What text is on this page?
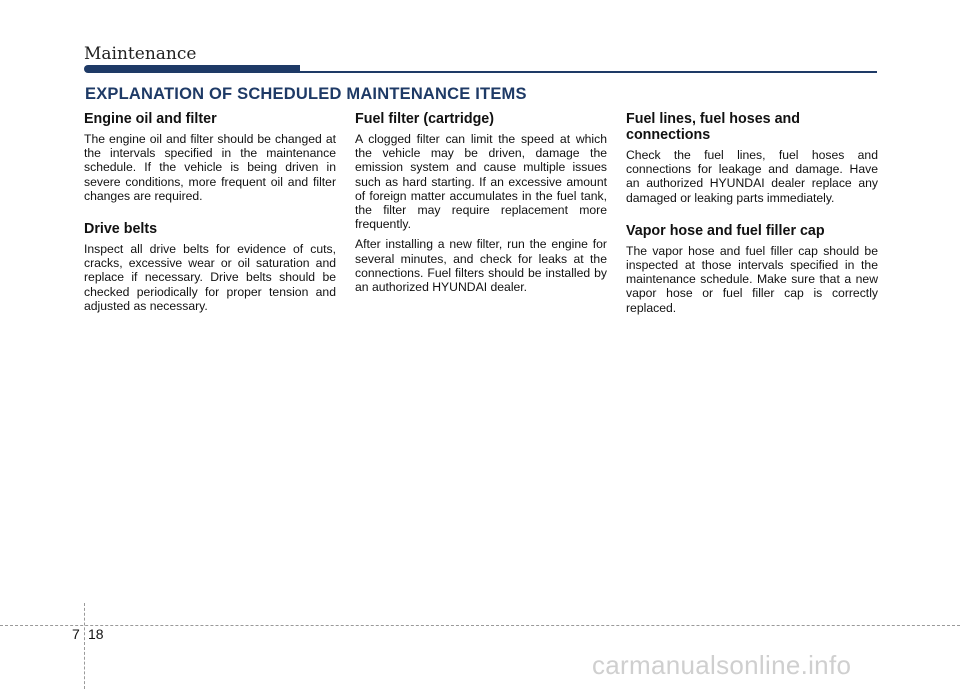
Maintenance
EXPLANATION OF SCHEDULED MAINTENANCE ITEMS
Engine oil and filter

The engine oil and filter should be changed at the intervals specified in the maintenance schedule. If the vehicle is being driven in severe conditions, more frequent oil and filter changes are required.

Drive belts

Inspect all drive belts for evidence of cuts, cracks, excessive wear or oil saturation and replace if necessary. Drive belts should be checked periodically for proper tension and adjusted as necessary.

Fuel filter (cartridge)

A clogged filter can limit the speed at which the vehicle may be driven, damage the emission system and cause multiple issues such as hard starting. If an excessive amount of foreign matter accumulates in the fuel tank, the filter may require replacement more frequently.

After installing a new filter, run the engine for several minutes, and check for leaks at the connections. Fuel filters should be installed by an authorized HYUNDAI dealer.

Fuel lines, fuel hoses and connections

Check the fuel lines, fuel hoses and connections for leakage and damage. Have an authorized HYUNDAI dealer replace any damaged or leaking parts immediately.

Vapor hose and fuel filler cap

The vapor hose and fuel filler cap should be inspected at those intervals specified in the maintenance schedule. Make sure that a new vapor hose or fuel filler cap is correctly replaced.

7 18
carmanualsonline.info
